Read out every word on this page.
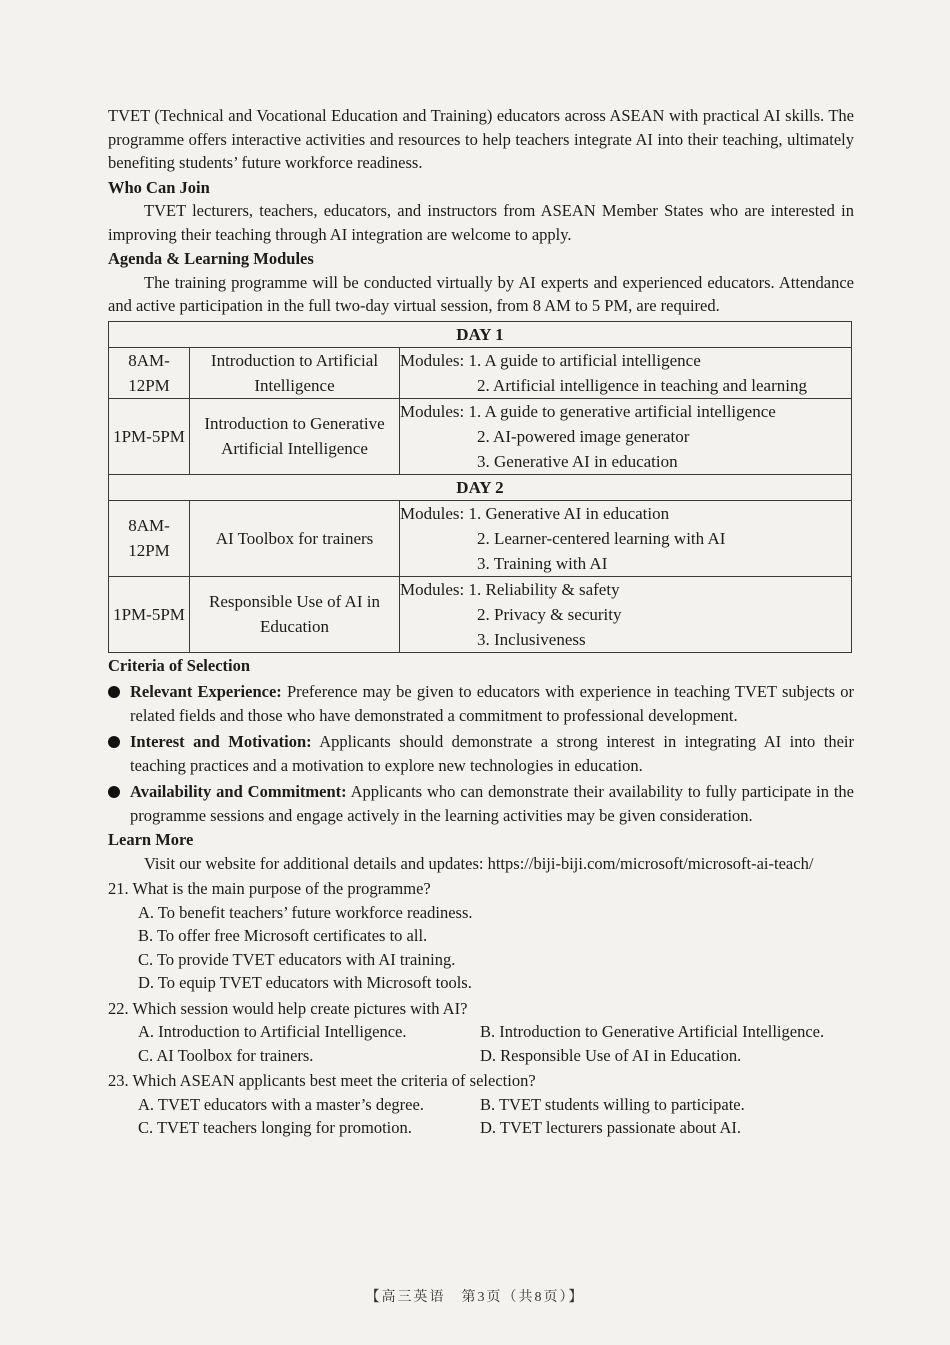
TVET (Technical and Vocational Education and Training) educators across ASEAN with practical AI skills. The programme offers interactive activities and resources to help teachers integrate AI into their teaching, ultimately benefiting students’ future workforce readiness.

Who Can Join

TVET lecturers, teachers, educators, and instructors from ASEAN Member States who are interested in improving their teaching through AI integration are welcome to apply.

Agenda & Learning Modules

The training programme will be conducted virtually by AI experts and experienced educators. Attendance and active participation in the full two-day virtual session, from 8 AM to 5 PM, are required.

DAY 1		
8AM-12PM	Introduction to Artificial Intelligence	Modules: 1. A guide to artificial intelligence
2. Artificial intelligence in teaching and learning

1PM-5PM	Introduction to Generative Artificial Intelligence	Modules: 1. A guide to generative artificial intelligence
2. AI-powered image generator
3. Generative AI in education

DAY 2		
8AM-12PM	AI Toolbox for trainers	Modules: 1. Generative AI in education
2. Learner-centered learning with AI
3. Training with AI

1PM-5PM	Responsible Use of AI in Education	Modules: 1. Reliability & safety
2. Privacy & security
3. Inclusiveness

Criteria of Selection

Relevant Experience: Preference may be given to educators with experience in teaching TVET subjects or related fields and those who have demonstrated a commitment to professional development.
Interest and Motivation: Applicants should demonstrate a strong interest in integrating AI into their teaching practices and a motivation to explore new technologies in education.
Availability and Commitment: Applicants who can demonstrate their availability to fully participate in the programme sessions and engage actively in the learning activities may be given consideration.

Learn More

Visit our website for additional details and updates: https://biji-biji.com/microsoft/microsoft-ai-teach/

21. What is the main purpose of the programme?

A. To benefit teachers’ future workforce readiness.

B. To offer free Microsoft certificates to all.

C. To provide TVET educators with AI training.

D. To equip TVET educators with Microsoft tools.

22. Which session would help create pictures with AI?

A. Introduction to Artificial Intelligence.	B. Introduction to Generative Artificial Intelligence.
C. AI Toolbox for trainers.	D. Responsible Use of AI in Education.

23. Which ASEAN applicants best meet the criteria of selection?

A. TVET educators with a master’s degree.	B. TVET students willing to participate.
C. TVET teachers longing for promotion.	D. TVET lecturers passionate about AI.
【高三英语　第3页（共8页）】
